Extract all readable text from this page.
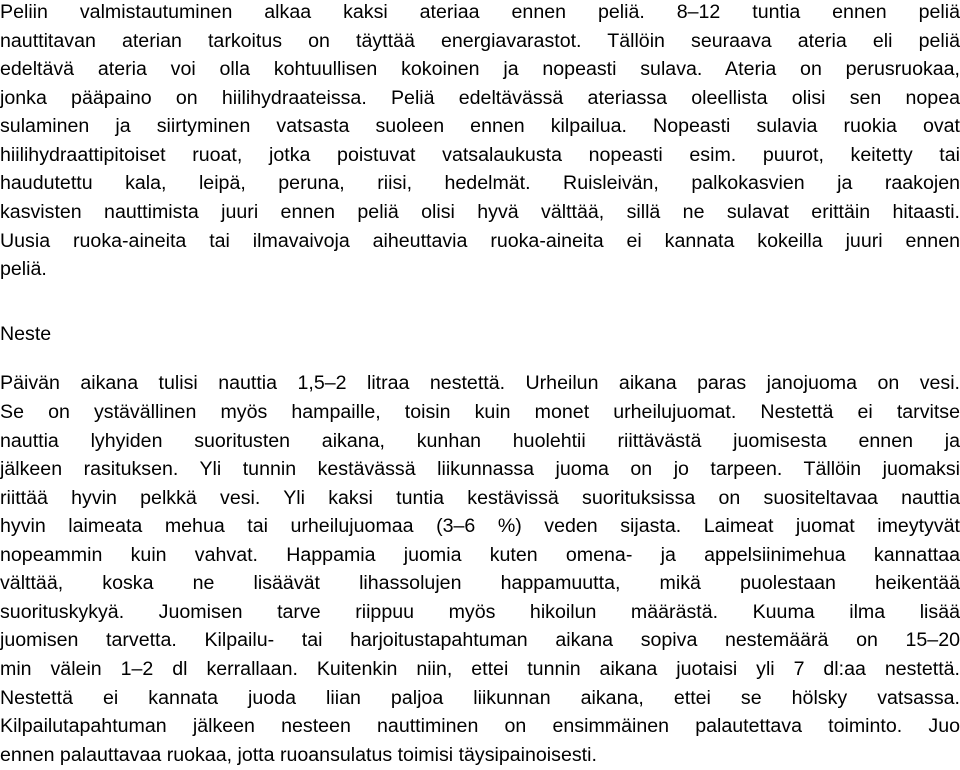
Peliin valmistautuminen alkaa kaksi ateriaa ennen peliä. 8–12 tuntia ennen peliä
nauttitavan aterian tarkoitus on täyttää energiavarastot. Tällöin seuraava ateria eli peliä
edeltävä ateria voi olla kohtuullisen kokoinen ja nopeasti sulava. Ateria on perusruokaa,
jonka pääpaino on hiilihydraateissa. Peliä edeltävässä ateriassa oleellista olisi sen nopea
sulaminen ja siirtyminen vatsasta suoleen ennen kilpailua. Nopeasti sulavia ruokia ovat
hiilihydraattipitoiset ruoat, jotka poistuvat vatsalaukusta nopeasti esim. puurot, keitetty tai
haudutettu kala, leipä, peruna, riisi, hedelmät. Ruisleivän, palkokasvien ja raakojen
kasvisten nauttimista juuri ennen peliä olisi hyvä välttää, sillä ne sulavat erittäin hitaasti.
Uusia ruoka-aineita tai ilmavaivoja aiheuttavia ruoka-aineita ei kannata kokeilla juuri ennen
peliä.
Neste
Päivän aikana tulisi nauttia 1,5–2 litraa nestettä. Urheilun aikana paras janojuoma on vesi.
Se on ystävällinen myös hampaille, toisin kuin monet urheilujuomat. Nestettä ei tarvitse
nauttia lyhyiden suoritusten aikana, kunhan huolehtii riittävästä juomisesta ennen ja
jälkeen rasituksen. Yli tunnin kestävässä liikunnassa juoma on jo tarpeen. Tällöin juomaksi
riittää hyvin pelkkä vesi. Yli kaksi tuntia kestävissä suorituksissa on suositeltavaa nauttia
hyvin laimeata mehua tai urheilujuomaa (3–6 %) veden sijasta. Laimeat juomat imeytyvät
nopeammin kuin vahvat. Happamia juomia kuten omena- ja appelsiinimehua kannattaa
välttää, koska ne lisäävät lihassolujen happamuutta, mikä puolestaan heikentää
suorituskykyä. Juomisen tarve riippuu myös hikoilun määrästä. Kuuma ilma lisää
juomisen tarvetta. Kilpailu- tai harjoitustapahtuman aikana sopiva nestemäärä on 15–20
min välein 1–2 dl kerrallaan. Kuitenkin niin, ettei tunnin aikana juotaisi yli 7 dl:aa nestettä.
Nestettä ei kannata juoda liian paljoa liikunnan aikana, ettei se hölsky vatsassa.
Kilpailutapahtuman jälkeen nesteen nauttiminen on ensimmäinen palautettava toiminto. Juo
ennen palauttavaa ruokaa, jotta ruoansulatus toimisi täysipainoisesti.
